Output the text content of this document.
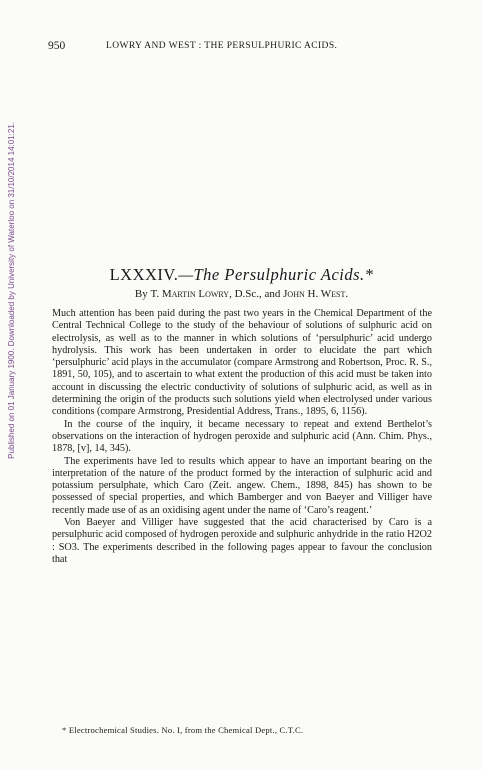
Published on 01 January 1900. Downloaded by University of Waterloo on 31/10/2014 14:01:21.
950	LOWRY AND WEST : THE PERSULPHURIC ACIDS.
LXXXIV.—The Persulphuric Acids.*
By T. Martin Lowry, D.Sc., and John H. West.

Much attention has been paid during the past two years in the Chemical Department of the Central Technical College to the study of the behaviour of solutions of sulphuric acid on electrolysis, as well as to the manner in which solutions of ‘persulphuric’ acid undergo hydrolysis. This work has been undertaken in order to elucidate the part which ‘persulphuric’ acid plays in the accumulator (compare Armstrong and Robertson, Proc. R. S., 1891, 50, 105), and to ascertain to what extent the production of this acid must be taken into account in discussing the electric conductivity of solutions of sulphuric acid, as well as in determining the origin of the products such solutions yield when electrolysed under various conditions (compare Armstrong, Presidential Address, Trans., 1895, 6, 1156).

In the course of the inquiry, it became necessary to repeat and extend Berthelot’s observations on the interaction of hydrogen peroxide and sulphuric acid (Ann. Chim. Phys., 1878, [v], 14, 345).

The experiments have led to results which appear to have an important bearing on the interpretation of the nature of the product formed by the interaction of sulphuric acid and potassium persulphate, which Caro (Zeit. angew. Chem., 1898, 845) has shown to be possessed of special properties, and which Bamberger and von Baeyer and Villiger have recently made use of as an oxidising agent under the name of ‘Caro’s reagent.’

Von Baeyer and Villiger have suggested that the acid characterised by Caro is a persulphuric acid composed of hydrogen peroxide and sulphuric anhydride in the ratio H2O2 : SO3. The experiments described in the following pages appear to favour the conclusion that

* Electrochemical Studies. No. I, from the Chemical Dept., C.T.C.
